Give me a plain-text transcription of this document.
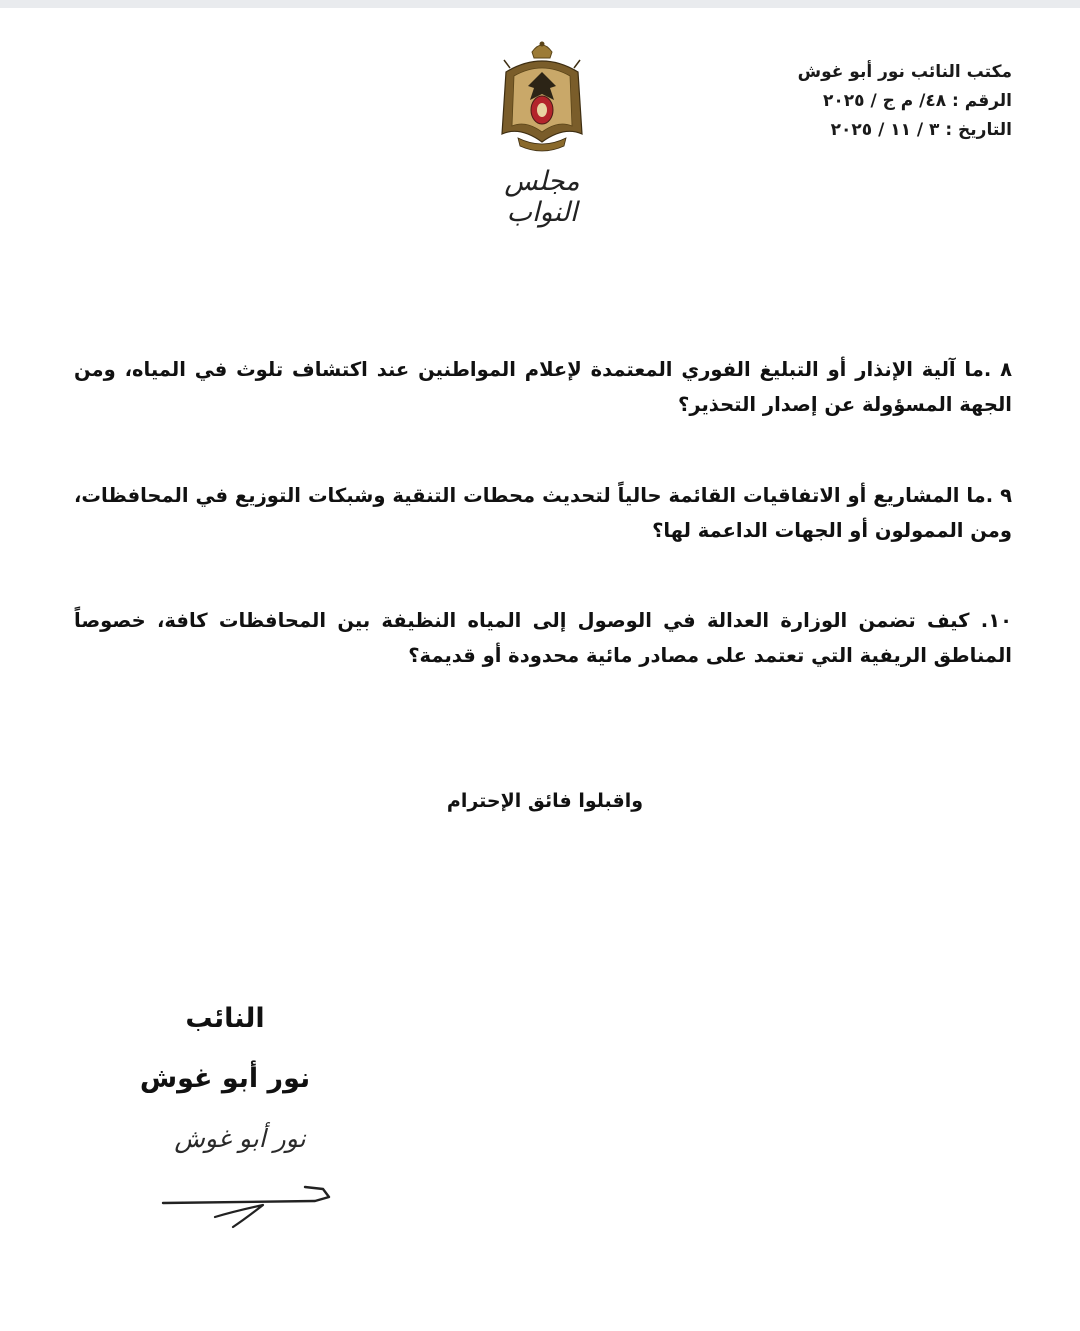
مكتب النائب نور أبو غوش
الرقم : ٤٨/ م ج / ٢٠٢٥
التاريخ : ٣ / ١١ / ٢٠٢٥
مجلس النواب
٨ .ما آلية الإنذار أو التبليغ الفوري المعتمدة لإعلام المواطنين عند اكتشاف تلوث في المياه، ومن الجهة المسؤولة عن إصدار التحذير؟
٩ .ما المشاريع أو الاتفاقيات القائمة حالياً لتحديث محطات التنقية وشبكات التوزيع في المحافظات، ومن الممولون أو الجهات الداعمة لها؟
١٠. كيف تضمن الوزارة العدالة في الوصول إلى المياه النظيفة بين المحافظات كافة، خصوصاً المناطق الريفية التي تعتمد على مصادر مائية محدودة أو قديمة؟
واقبلوا فائق الإحترام
النائب
نور أبو غوش
نور أبو غوش
